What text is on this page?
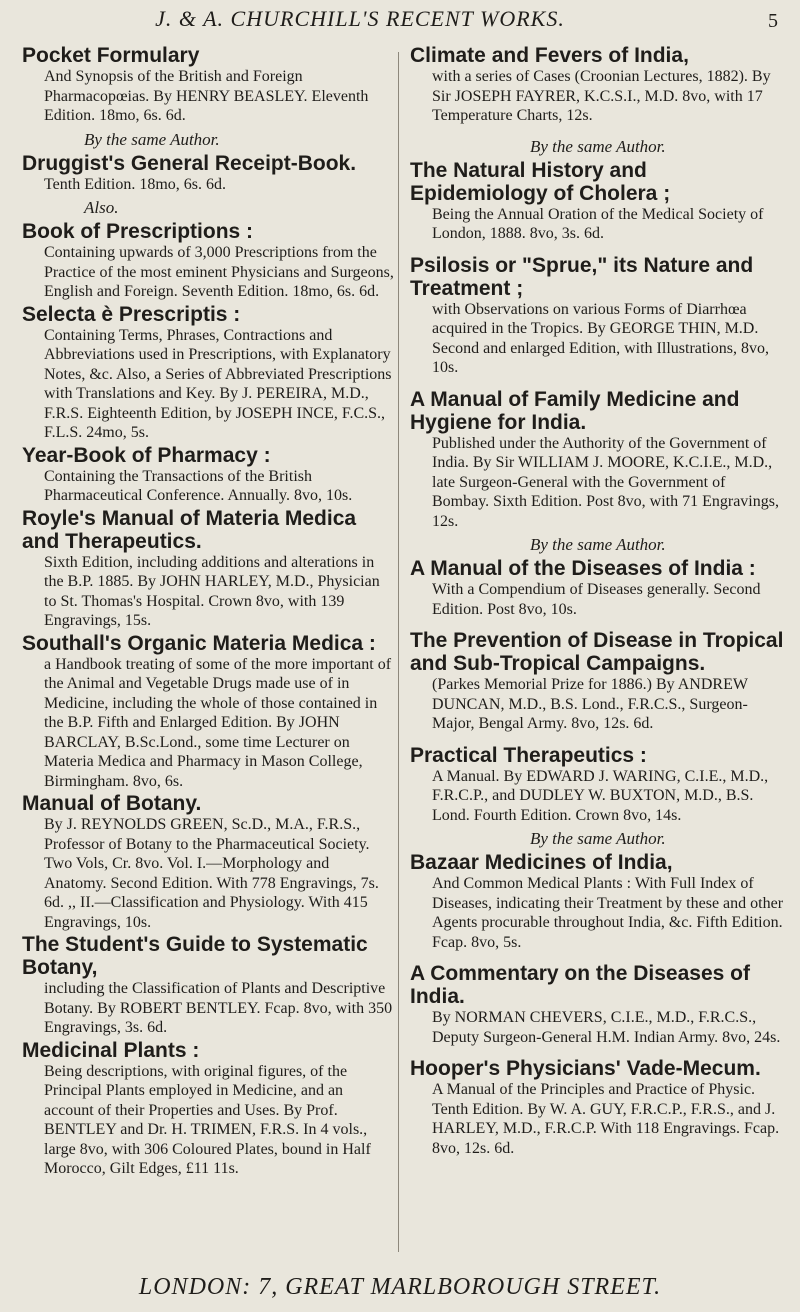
J. & A. CHURCHILL'S RECENT WORKS.	5

Pocket Formulary

And Synopsis of the British and Foreign Pharmacopœias. By HENRY BEASLEY. Eleventh Edition. 18mo, 6s. 6d.

By the same Author.

Druggist's General Receipt-Book.

Tenth Edition. 18mo, 6s. 6d.

Also.

Book of Prescriptions :

Containing upwards of 3,000 Prescriptions from the Practice of the most eminent Physicians and Surgeons, English and Foreign. Seventh Edition. 18mo, 6s. 6d.

Selecta è Prescriptis :

Containing Terms, Phrases, Contractions and Abbreviations used in Prescriptions, with Explanatory Notes, &c. Also, a Series of Abbreviated Prescriptions with Translations and Key. By J. PEREIRA, M.D., F.R.S. Eighteenth Edition, by JOSEPH INCE, F.C.S., F.L.S. 24mo, 5s.

Year-Book of Pharmacy :

Containing the Transactions of the British Pharmaceutical Conference. Annually. 8vo, 10s.

Royle's Manual of Materia Medica and Therapeutics.

Sixth Edition, including additions and alterations in the B.P. 1885. By JOHN HARLEY, M.D., Physician to St. Thomas's Hospital. Crown 8vo, with 139 Engravings, 15s.

Southall's Organic Materia Medica :

a Handbook treating of some of the more important of the Animal and Vegetable Drugs made use of in Medicine, including the whole of those contained in the B.P. Fifth and Enlarged Edition. By JOHN BARCLAY, B.Sc.Lond., some time Lecturer on Materia Medica and Pharmacy in Mason College, Birmingham. 8vo, 6s.

Manual of Botany.

By J. REYNOLDS GREEN, Sc.D., M.A., F.R.S., Professor of Botany to the Pharmaceutical Society. Two Vols, Cr. 8vo. Vol. I.—Morphology and Anatomy. Second Edition. With 778 Engravings, 7s. 6d. ,, II.—Classification and Physiology. With 415 Engravings, 10s.

The Student's Guide to Systematic Botany,

including the Classification of Plants and Descriptive Botany. By ROBERT BENTLEY. Fcap. 8vo, with 350 Engravings, 3s. 6d.

Medicinal Plants :

Being descriptions, with original figures, of the Principal Plants employed in Medicine, and an account of their Properties and Uses. By Prof. BENTLEY and Dr. H. TRIMEN, F.R.S. In 4 vols., large 8vo, with 306 Coloured Plates, bound in Half Morocco, Gilt Edges, £11 11s.

Climate and Fevers of India,

with a series of Cases (Croonian Lectures, 1882). By Sir JOSEPH FAYRER, K.C.S.I., M.D. 8vo, with 17 Temperature Charts, 12s.

By the same Author.

The Natural History and Epidemiology of Cholera ;

Being the Annual Oration of the Medical Society of London, 1888. 8vo, 3s. 6d.

Psilosis or "Sprue," its Nature and Treatment ;

with Observations on various Forms of Diarrhœa acquired in the Tropics. By GEORGE THIN, M.D. Second and enlarged Edition, with Illustrations, 8vo, 10s.

A Manual of Family Medicine and Hygiene for India.

Published under the Authority of the Government of India. By Sir WILLIAM J. MOORE, K.C.I.E., M.D., late Surgeon-General with the Government of Bombay. Sixth Edition. Post 8vo, with 71 Engravings, 12s.

By the same Author.

A Manual of the Diseases of India :

With a Compendium of Diseases generally. Second Edition. Post 8vo, 10s.

The Prevention of Disease in Tropical and Sub-Tropical Campaigns.

(Parkes Memorial Prize for 1886.) By ANDREW DUNCAN, M.D., B.S. Lond., F.R.C.S., Surgeon-Major, Bengal Army. 8vo, 12s. 6d.

Practical Therapeutics :

A Manual. By EDWARD J. WARING, C.I.E., M.D., F.R.C.P., and DUDLEY W. BUXTON, M.D., B.S. Lond. Fourth Edition. Crown 8vo, 14s.

By the same Author.

Bazaar Medicines of India,

And Common Medical Plants : With Full Index of Diseases, indicating their Treatment by these and other Agents procurable throughout India, &c. Fifth Edition. Fcap. 8vo, 5s.

A Commentary on the Diseases of India.

By NORMAN CHEVERS, C.I.E., M.D., F.R.C.S., Deputy Surgeon-General H.M. Indian Army. 8vo, 24s.

Hooper's Physicians' Vade-Mecum.

A Manual of the Principles and Practice of Physic. Tenth Edition. By W. A. GUY, F.R.C.P., F.R.S., and J. HARLEY, M.D., F.R.C.P. With 118 Engravings. Fcap. 8vo, 12s. 6d.

LONDON: 7, GREAT MARLBOROUGH STREET.
